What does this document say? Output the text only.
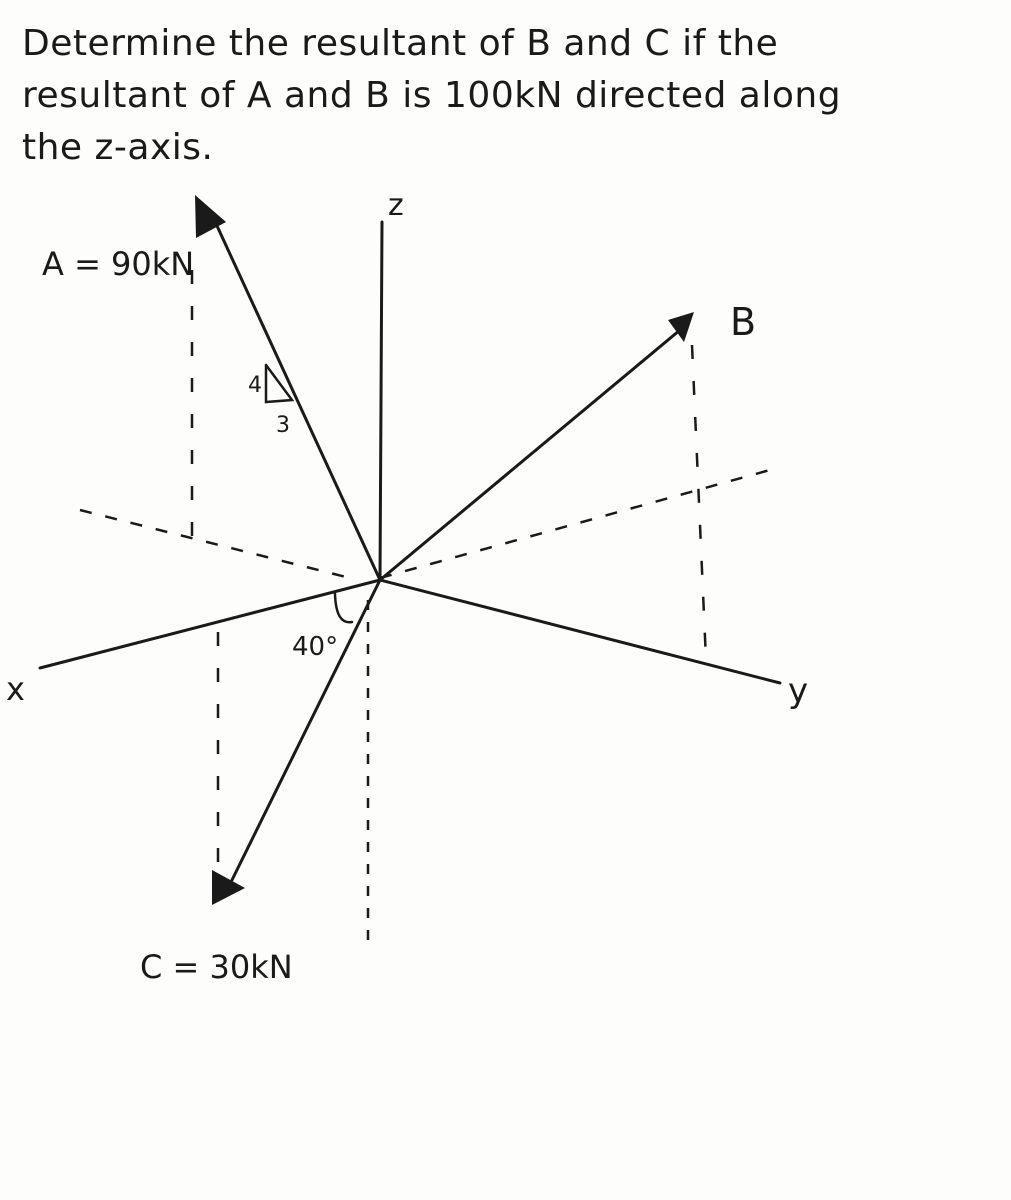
Determine the resultant of B and C if the resultant of A and B is 100kN directed along the z-axis.
4
3
40°
z
x	y
A = 90kN
B
C = 30kN
